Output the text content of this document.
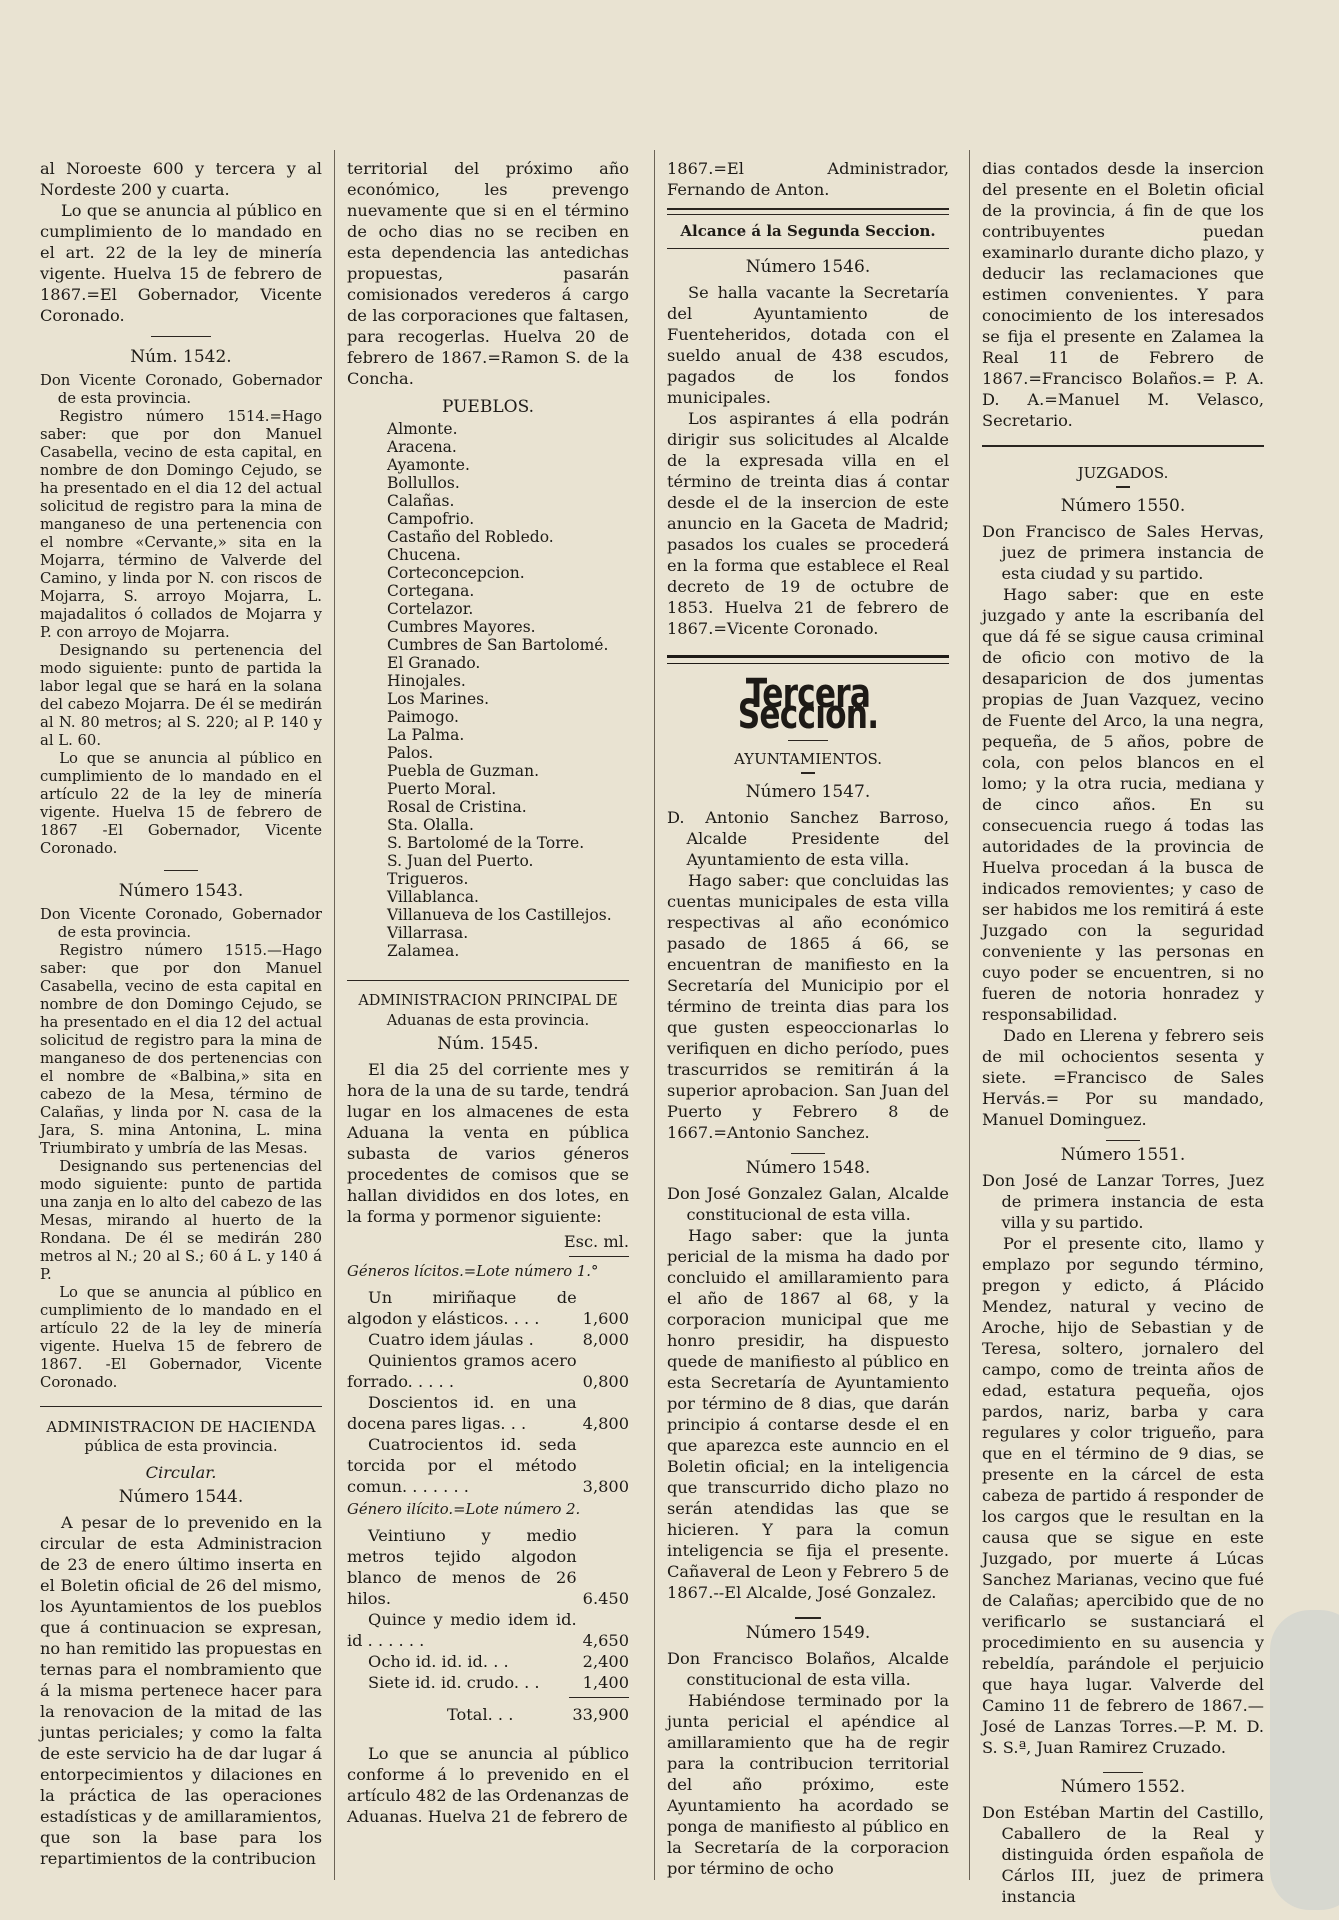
al Noroeste 600 y tercera y al Nordeste 200 y cuarta.

Lo que se anuncia al público en cumplimiento de lo mandado en el art. 22 de la ley de minería vigente. Huelva 15 de febrero de 1867.=El Gobernador, Vicente Coronado.

Núm. 1542.

Don Vicente Coronado, Gobernador de esta provincia.

Registro número 1514.=Hago saber: que por don Manuel Casabella, vecino de esta capital, en nombre de don Domingo Cejudo, se ha presentado en el dia 12 del actual solicitud de registro para la mina de manganeso de una pertenencia con el nombre «Cervante,» sita en la Mojarra, término de Valverde del Camino, y linda por N. con riscos de Mojarra, S. arroyo Mojarra, L. majadalitos ó collados de Mojarra y P. con arroyo de Mojarra.

Designando su pertenencia del modo siguiente: punto de partida la labor legal que se hará en la solana del cabezo Mojarra. De él se medirán al N. 80 metros; al S. 220; al P. 140 y al L. 60.

Lo que se anuncia al público en cumplimiento de lo mandado en el artículo 22 de la ley de minería vigente. Huelva 15 de febrero de 1867 -El Gobernador, Vicente Coronado.

Número 1543.

Don Vicente Coronado, Gobernador de esta provincia.

Registro número 1515.—Hago saber: que por don Manuel Casabella, vecino de esta capital en nombre de don Domingo Cejudo, se ha presentado en el dia 12 del actual solicitud de registro para la mina de manganeso de dos pertenencias con el nombre de «Balbina,» sita en cabezo de la Mesa, término de Calañas, y linda por N. casa de la Jara, S. mina Antonina, L. mina Triumbirato y umbría de las Mesas.

Designando sus pertenencias del modo siguiente: punto de partida una zanja en lo alto del cabezo de las Mesas, mirando al huerto de la Rondana. De él se medirán 280 metros al N.; 20 al S.; 60 á L. y 140 á P.

Lo que se anuncia al público en cumplimiento de lo mandado en el artículo 22 de la ley de minería vigente. Huelva 15 de febrero de 1867. -El Gobernador, Vicente Coronado.

ADMINISTRACION DE HACIENDA
pública de esta provincia.
Circular.
Número 1544.

A pesar de lo prevenido en la circular de esta Administracion de 23 de enero último inserta en el Boletin oficial de 26 del mismo, los Ayuntamientos de los pueblos que á continuacion se expresan, no han remitido las propuestas en ternas para el nombramiento que á la misma pertenece hacer para la renovacion de la mitad de las juntas periciales; y como la falta de este servicio ha de dar lugar á entorpecimientos y dilaciones en la práctica de las operaciones estadísticas y de amillaramientos, que son la base para los repartimientos de la contribucion

territorial del próximo año económico, les prevengo nuevamente que si en el término de ocho dias no se reciben en esta dependencia las antedichas propuestas, pasarán comisionados verederos á cargo de las corporaciones que faltasen, para recogerlas. Huelva 20 de febrero de 1867.=Ramon S. de la Concha.

PUEBLOS.
Almonte.
Aracena.
Ayamonte.
Bollullos.
Calañas.
Campofrio.
Castaño del Robledo.
Chucena.
Corteconcepcion.
Cortegana.
Cortelazor.
Cumbres Mayores.
Cumbres de San Bartolomé.
El Granado.
Hinojales.
Los Marines.
Paimogo.
La Palma.
Palos.
Puebla de Guzman.
Puerto Moral.
Rosal de Cristina.
Sta. Olalla.
S. Bartolomé de la Torre.
S. Juan del Puerto.
Trigueros.
Villablanca.
Villanueva de los Castillejos.
Villarrasa.
Zalamea.
ADMINISTRACION PRINCIPAL DE
Aduanas de esta provincia.
Núm. 1545.

El dia 25 del corriente mes y hora de la una de su tarde, tendrá lugar en los almacenes de esta Aduana la venta en pública subasta de varios géneros procedentes de comisos que se hallan divididos en dos lotes, en la forma y pormenor siguiente:

Esc. ml.
Géneros lícitos.=Lote número 1.°
Un miriñaque de algodon y elásticos. . . .	1,600
Cuatro idem jáulas .	8,000
Quinientos gramos acero forrado. . . . .	0,800
Doscientos id. en una docena pares ligas. . .	4,800
Cuatrocientos id. seda torcida por el método comun. . . . . . .	3,800
Género ilícito.=Lote número 2.
Veintiuno y medio metros tejido algodon blanco de menos de 26 hilos.	6.450
Quince y medio idem id. id . . . . . .	4,650
Ocho id. id. id. . .	2,400
Siete id. id. crudo. . .	1,400
Total. . .	33,900

Lo que se anuncia al público conforme á lo prevenido en el artículo 482 de las Ordenanzas de Aduanas. Huelva 21 de febrero de

1867.=El Administrador, Fernando de Anton.

Alcance á la Segunda Seccion.
Número 1546.

Se halla vacante la Secretaría del Ayuntamiento de Fuenteheridos, dotada con el sueldo anual de 438 escudos, pagados de los fondos municipales.

Los aspirantes á ella podrán dirigir sus solicitudes al Alcalde de la expresada villa en el término de treinta dias á contar desde el de la insercion de este anuncio en la Gaceta de Madrid; pasados los cuales se procederá en la forma que establece el Real decreto de 19 de octubre de 1853. Huelva 21 de febrero de 1867.=Vicente Coronado.

Tercera Seccion.
AYUNTAMIENTOS.
Número 1547.

D. Antonio Sanchez Barroso, Alcalde Presidente del Ayuntamiento de esta villa.

Hago saber: que concluidas las cuentas municipales de esta villa respectivas al año económico pasado de 1865 á 66, se encuentran de manifiesto en la Secretaría del Municipio por el término de treinta dias para los que gusten espeoccionarlas lo verifiquen en dicho período, pues trascurridos se remitirán á la superior aprobacion. San Juan del Puerto y Febrero 8 de 1667.=Antonio Sanchez.

Número 1548.

Don José Gonzalez Galan, Alcalde constitucional de esta villa.

Hago saber: que la junta pericial de la misma ha dado por concluido el amillaramiento para el año de 1867 al 68, y la corporacion municipal que me honro presidir, ha dispuesto quede de manifiesto al público en esta Secretaría de Ayuntamiento por término de 8 dias, que darán principio á contarse desde el en que aparezca este aunncio en el Boletin oficial; en la inteligencia que transcurrido dicho plazo no serán atendidas las que se hicieren. Y para la comun inteligencia se fija el presente. Cañaveral de Leon y Febrero 5 de 1867.--El Alcalde, José Gonzalez.

Número 1549.

Don Francisco Bolaños, Alcalde constitucional de esta villa.

Habiéndose terminado por la junta pericial el apéndice al amillaramiento que ha de regir para la contribucion territorial del año próximo, este Ayuntamiento ha acordado se ponga de manifiesto al público en la Secretaría de la corporacion por término de ocho

dias contados desde la insercion del presente en el Boletin oficial de la provincia, á fin de que los contribuyentes puedan examinarlo durante dicho plazo, y deducir las reclamaciones que estimen convenientes. Y para conocimiento de los interesados se fija el presente en Zalamea la Real 11 de Febrero de 1867.=Francisco Bolaños.= P. A. D. A.=Manuel M. Velasco, Secretario.

JUZGADOS.
Número 1550.

Don Francisco de Sales Hervas, juez de primera instancia de esta ciudad y su partido.

Hago saber: que en este juzgado y ante la escribanía del que dá fé se sigue causa criminal de oficio con motivo de la desaparicion de dos jumentas propias de Juan Vazquez, vecino de Fuente del Arco, la una negra, pequeña, de 5 años, pobre de cola, con pelos blancos en el lomo; y la otra rucia, mediana y de cinco años. En su consecuencia ruego á todas las autoridades de la provincia de Huelva procedan á la busca de indicados removientes; y caso de ser habidos me los remitirá á este Juzgado con la seguridad conveniente y las personas en cuyo poder se encuentren, si no fueren de notoria honradez y responsabilidad.

Dado en Llerena y febrero seis de mil ochocientos sesenta y siete. =Francisco de Sales Hervás.= Por su mandado, Manuel Dominguez.

Número 1551.

Don José de Lanzar Torres, Juez de primera instancia de esta villa y su partido.

Por el presente cito, llamo y emplazo por segundo término, pregon y edicto, á Plácido Mendez, natural y vecino de Aroche, hijo de Sebastian y de Teresa, soltero, jornalero del campo, como de treinta años de edad, estatura pequeña, ojos pardos, nariz, barba y cara regulares y color trigueño, para que en el término de 9 dias, se presente en la cárcel de esta cabeza de partido á responder de los cargos que le resultan en la causa que se sigue en este Juzgado, por muerte á Lúcas Sanchez Marianas, vecino que fué de Calañas; apercibido que de no verificarlo se sustanciará el procedimiento en su ausencia y rebeldía, parándole el perjuicio que haya lugar. Valverde del Camino 11 de febrero de 1867.—José de Lanzas Torres.—P. M. D. S. S.ª, Juan Ramirez Cruzado.

Número 1552.

Don Estéban Martin del Castillo, Caballero de la Real y distinguida órden española de Cárlos III, juez de primera instancia
